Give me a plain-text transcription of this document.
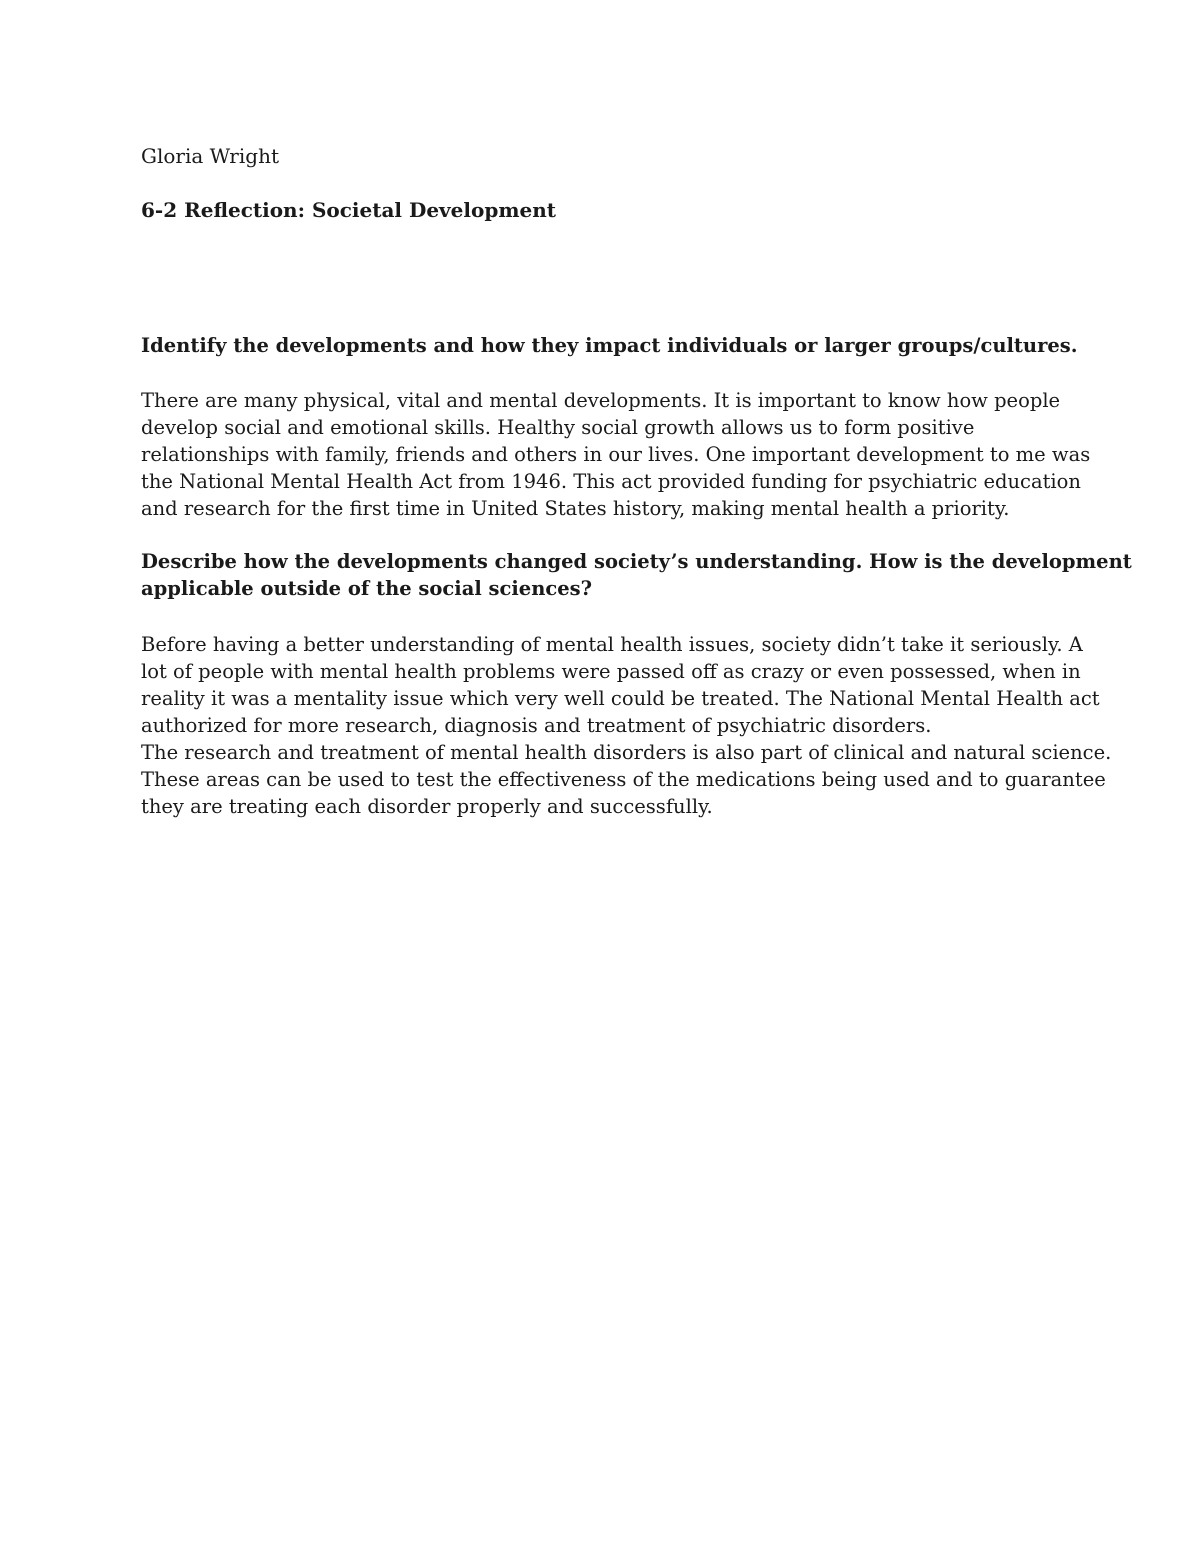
Gloria Wright

6-2 Reflection: Societal Development

Identify the developments and how they impact individuals or larger groups/cultures.
There are many physical, vital and mental developments. It is important to know how people
develop social and emotional skills. Healthy social growth allows us to form positive
relationships with family, friends and others in our lives. One important development to me was
the National Mental Health Act from 1946. This act provided funding for psychiatric education
and research for the first time in United States history, making mental health a priority.
Describe how the developments changed society’s understanding. How is the development
applicable outside of the social sciences?
Before having a better understanding of mental health issues, society didn’t take it seriously. A
lot of people with mental health problems were passed off as crazy or even possessed, when in
reality it was a mentality issue which very well could be treated. The National Mental Health act
authorized for more research, diagnosis and treatment of psychiatric disorders.
The research and treatment of mental health disorders is also part of clinical and natural science.
These areas can be used to test the effectiveness of the medications being used and to guarantee
they are treating each disorder properly and successfully.
